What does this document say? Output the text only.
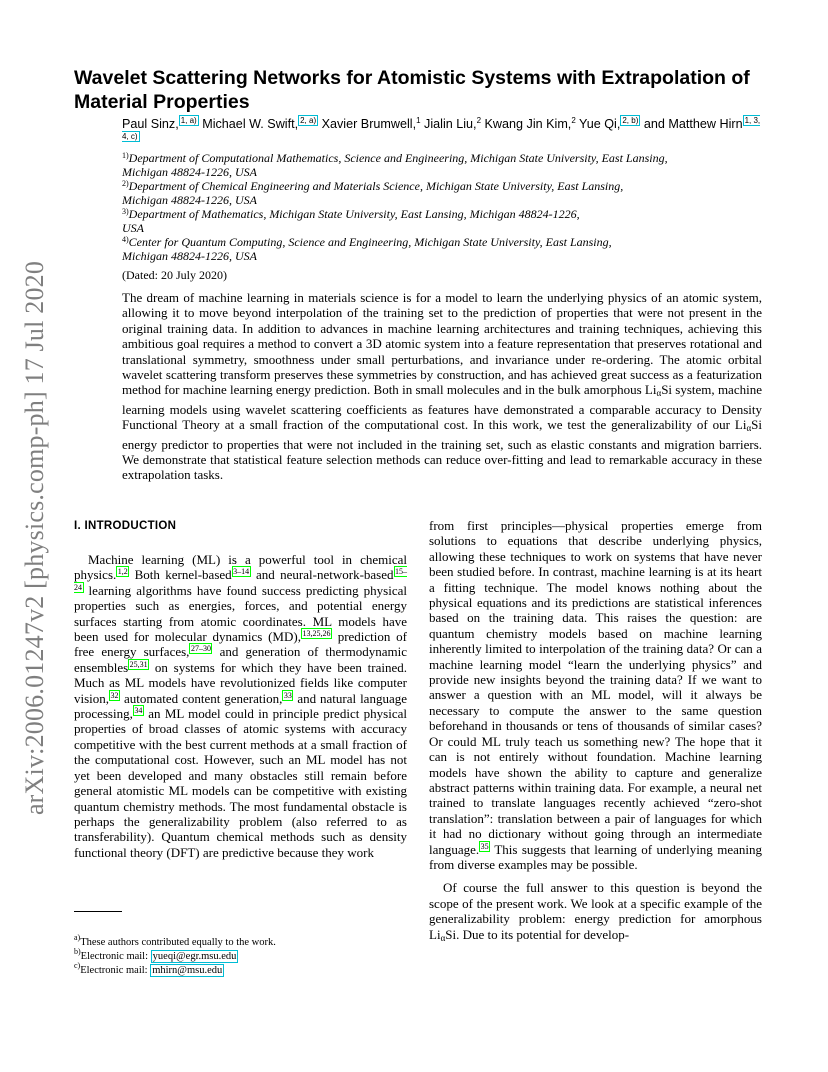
arXiv:2006.01247v2 [physics.comp-ph] 17 Jul 2020
Wavelet Scattering Networks for Atomistic Systems with Extrapolation of Material Properties
Paul Sinz, $^{1, a)}$ Michael W. Swift, $^{2, a)}$ Xavier Brumwell,$^1$ Jialin Liu,$^2$ Kwang Jin Kim,$^2$ Yue Qi, $^{2, b)}$ and Matthew Hirn $^{1, 3, 4, c)}$
$^{1)}$Department of Computational Mathematics, Science and Engineering, Michigan State University, East Lansing,
Michigan 48824-1226, USA
$^{2)}$Department of Chemical Engineering and Materials Science, Michigan State University, East Lansing,
Michigan 48824-1226, USA
$^{3)}$Department of Mathematics, Michigan State University, East Lansing, Michigan 48824-1226,
USA
$^{4)}$Center for Quantum Computing, Science and Engineering, Michigan State University, East Lansing,
Michigan 48824-1226, USA
(Dated: 20 July 2020)
The dream of machine learning in materials science is for a model to learn the underlying physics of an atomic system, allowing it to move beyond interpolation of the training set to the prediction of properties that were not present in the original training data. In addition to advances in machine learning architectures and training techniques, achieving this ambitious goal requires a method to convert a 3D atomic system into a feature representation that preserves rotational and translational symmetry, smoothness under small perturbations, and invariance under re-ordering. The atomic orbital wavelet scattering transform preserves these symmetries by construction, and has achieved great success as a featurization method for machine learning energy prediction. Both in small molecules and in the bulk amorphous $Li_\alpha Si$ system, machine learning models using wavelet scattering coefficients as features have demonstrated a comparable accuracy to Density Functional Theory at a small fraction of the computational cost. In this work, we test the generalizability of our $Li_\alpha Si$ energy predictor to properties that were not included in the training set, such as elastic constants and migration barriers. We demonstrate that statistical feature selection methods can reduce over-fitting and lead to remarkable accuracy in these extrapolation tasks.
I. INTRODUCTION

Machine learning (ML) is a powerful tool in chemical physics. $^{1,2}$ Both kernel-based $^{3-14}$ and neural-network-based $^{15-24}$ learning algorithms have found success predicting physical properties such as energies, forces, and potential energy surfaces starting from atomic coordinates. ML models have been used for molecular dynamics (MD), $^{13,25,26}$ prediction of free energy surfaces, $^{27-30}$ and generation of thermodynamic ensembles $^{25,31}$ on systems for which they have been trained. Much as ML models have revolutionized fields like computer vision, $^{32}$ automated content generation, $^{33}$ and natural language processing, $^{34}$ an ML model could in principle predict physical properties of broad classes of atomic systems with accuracy competitive with the best current methods at a small fraction of the computational cost. However, such an ML model has not yet been developed and many obstacles still remain before general atomistic ML models can be competitive with existing quantum chemistry methods. The most fundamental obstacle is perhaps the generalizability problem (also referred to as transferability). Quantum chemical methods such as density functional theory (DFT) are predictive because they work

from first principles—physical properties emerge from solutions to equations that describe underlying physics, allowing these techniques to work on systems that have never been studied before. In contrast, machine learning is at its heart a fitting technique. The model knows nothing about the physical equations and its predictions are statistical inferences based on the training data. This raises the question: are quantum chemistry models based on machine learning inherently limited to interpolation of the training data? Or can a machine learning model “learn the underlying physics” and provide new insights beyond the training data? If we want to answer a question with an ML model, will it always be necessary to compute the answer to the same question beforehand in thousands or tens of thousands of similar cases? Or could ML truly teach us something new? The hope that it can is not entirely without foundation. Machine learning models have shown the ability to capture and generalize abstract patterns within training data. For example, a neural net trained to translate languages recently achieved “zero-shot translation”: translation between a pair of languages for which it had no dictionary without going through an intermediate language. $^{35}$ This suggests that learning of underlying meaning from diverse examples may be possible.

Of course the full answer to this question is beyond the scope of the present work. We look at a specific example of the generalizability problem: energy prediction for amorphous $Li_\alpha Si$. Due to its potential for develop-

$^{a)}$These authors contributed equally to the work.
$^{b)}$Electronic mail: yueqi@egr.msu.edu
$^{c)}$Electronic mail: mhirn@msu.edu
